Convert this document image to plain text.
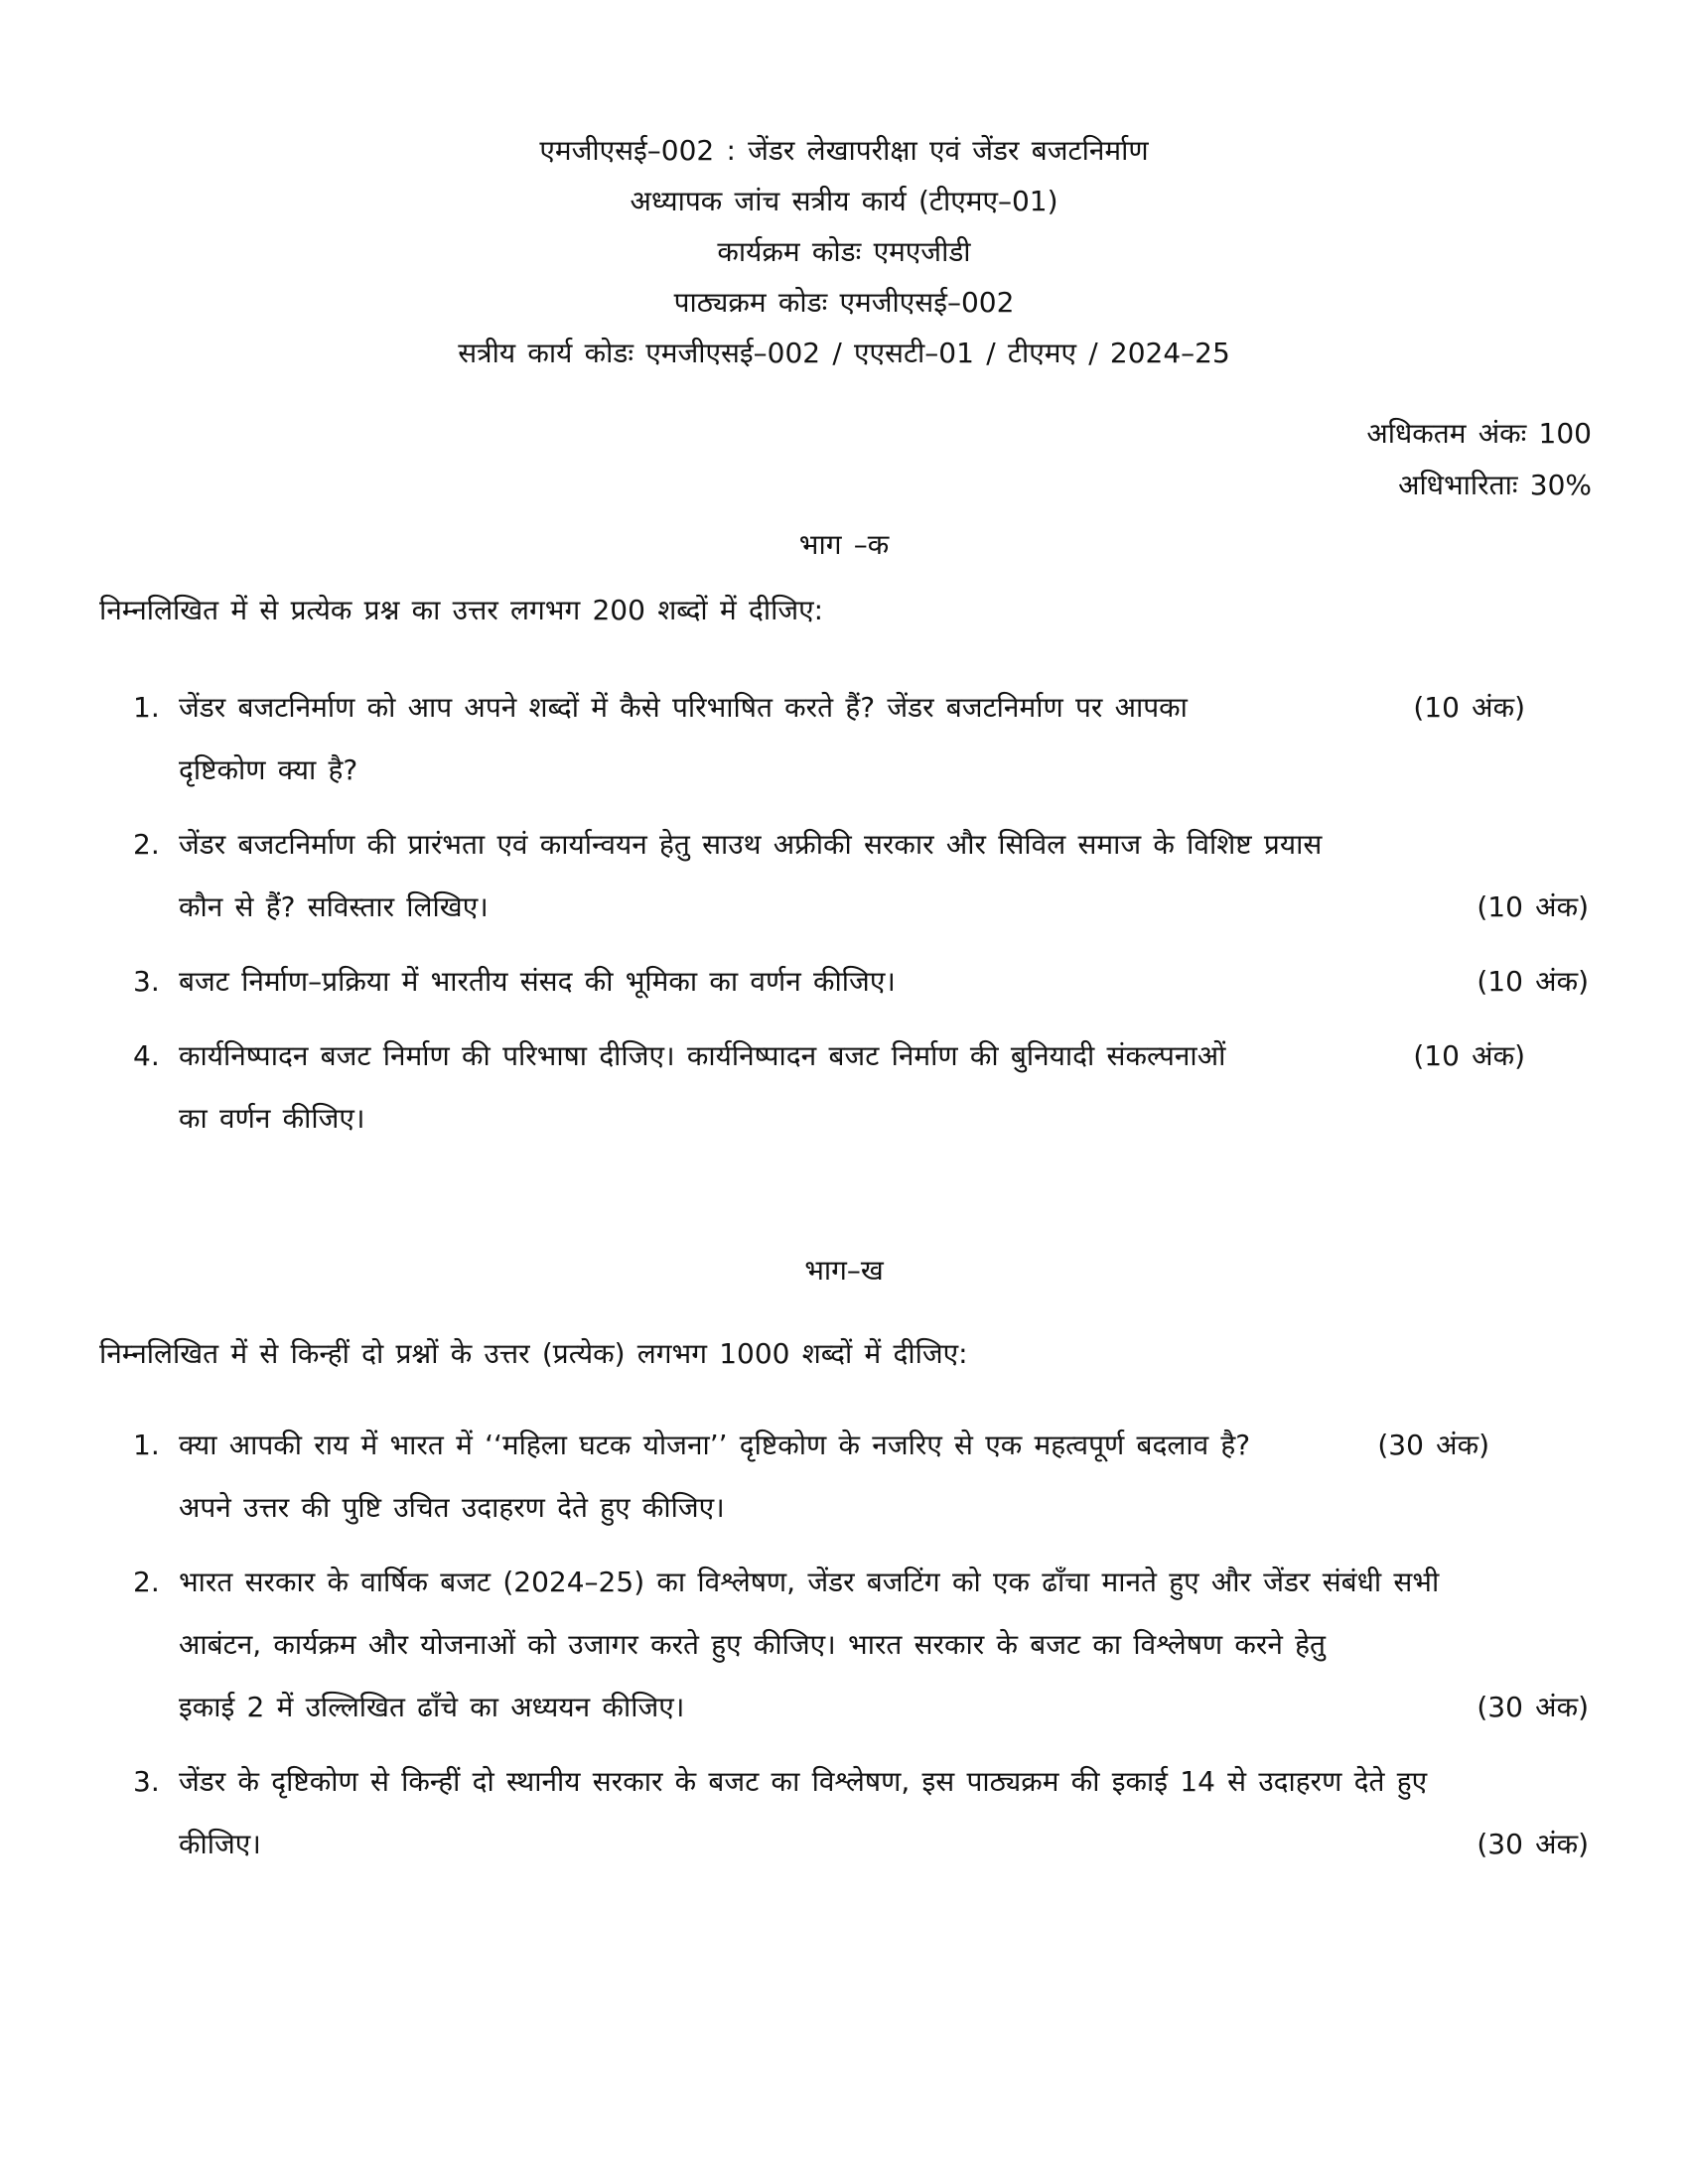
एमजीएसई–002 : जेंडर लेखापरीक्षा एवं जेंडर बजटनिर्माण
अध्यापक जांच सत्रीय कार्य (टीएमए–01)
कार्यक्रम कोडः एमएजीडी
पाठ्यक्रम कोडः एमजीएसई–002
सत्रीय कार्य कोडः एमजीएसई–002 / एएसटी–01 / टीएमए / 2024–25
अधिकतम अंकः 100
अधिभारिताः 30%
भाग –क
निम्नलिखित में से प्रत्येक प्रश्न का उत्तर लगभग 200 शब्दों में दीजिए:
1. जेंडर बजटनिर्माण को आप अपने शब्दों में कैसे परिभाषित करते हैं? जेंडर बजटनिर्माण पर आपका	(10 अंक)
दृष्टिकोण क्या है?
2. जेंडर बजटनिर्माण की प्रारंभता एवं कार्यान्वयन हेतु साउथ अफ्रीकी सरकार और सिविल समाज के विशिष्ट प्रयास
कौन से हैं? सविस्तार लिखिए।	(10 अंक)
3. बजट निर्माण–प्रक्रिया में भारतीय संसद की भूमिका का वर्णन कीजिए।	(10 अंक)
4. कार्यनिष्पादन बजट निर्माण की परिभाषा दीजिए। कार्यनिष्पादन बजट निर्माण की बुनियादी संकल्पनाओं	(10 अंक)
का वर्णन कीजिए।
भाग–ख
निम्नलिखित में से किन्हीं दो प्रश्नों के उत्तर (प्रत्येक) लगभग 1000 शब्दों में दीजिए:
1. क्या आपकी राय में भारत में ‘‘महिला घटक योजना’’ दृष्टिकोण के नजरिए से एक महत्वपूर्ण बदलाव है?	(30 अंक)
अपने उत्तर की पुष्टि उचित उदाहरण देते हुए कीजिए।
2. भारत सरकार के वार्षिक बजट (2024–25) का विश्लेषण, जेंडर बजटिंग को एक ढाँचा मानते हुए और जेंडर संबंधी सभी
आबंटन, कार्यक्रम और योजनाओं को उजागर करते हुए कीजिए। भारत सरकार के बजट का विश्लेषण करने हेतु
इकाई 2 में उल्लिखित ढाँचे का अध्ययन कीजिए।	(30 अंक)
3. जेंडर के दृष्टिकोण से किन्हीं दो स्थानीय सरकार के बजट का विश्लेषण, इस पाठ्यक्रम की इकाई 14 से उदाहरण देते हुए
कीजिए।	(30 अंक)
